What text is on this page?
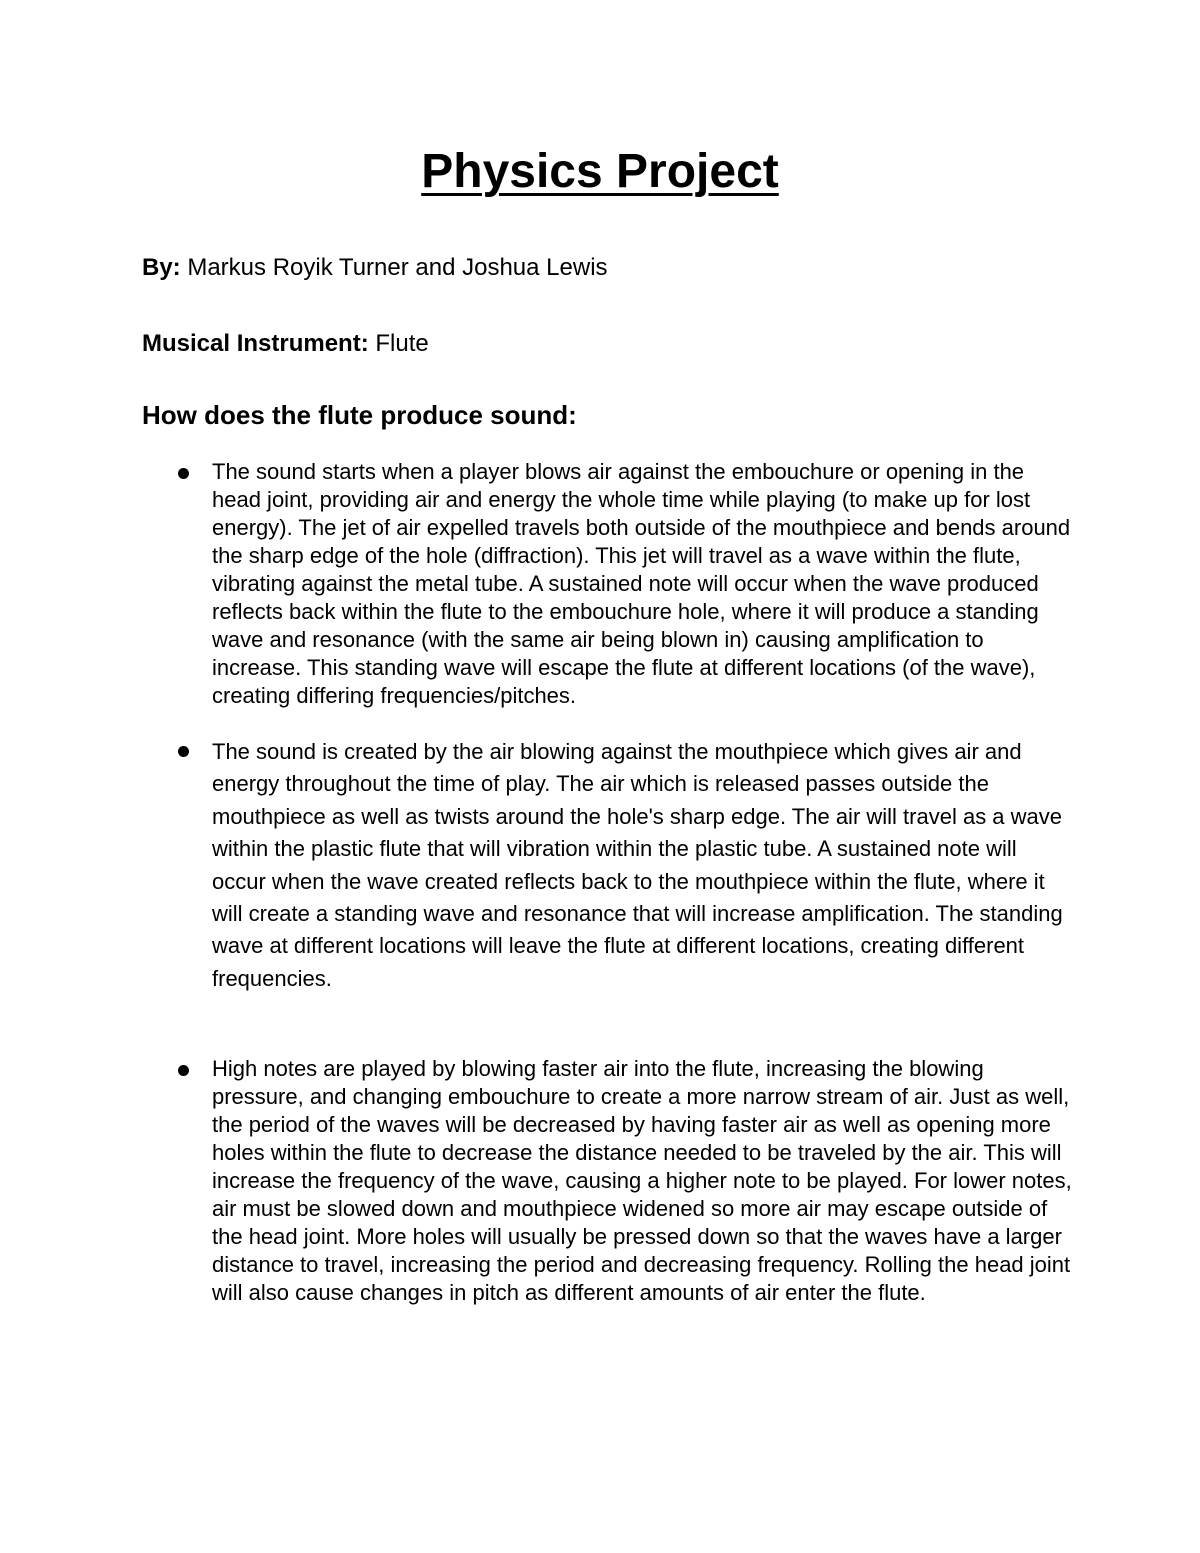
Physics Project

By: Markus Royik Turner and Joshua Lewis

Musical Instrument: Flute

How does the flute produce sound:

The sound starts when a player blows air against the embouchure or opening in the head joint, providing air and energy the whole time while playing (to make up for lost energy). The jet of air expelled travels both outside of the mouthpiece and bends around the sharp edge of the hole (diffraction). This jet will travel as a wave within the flute, vibrating against the metal tube. A sustained note will occur when the wave produced reflects back within the flute to the embouchure hole, where it will produce a standing wave and resonance (with the same air being blown in) causing amplification to increase. This standing wave will escape the flute at different locations (of the wave), creating differing frequencies/pitches.

The sound is created by the air blowing against the mouthpiece which gives air and energy throughout the time of play. The air which is released passes outside the mouthpiece as well as twists around the hole's sharp edge. The air will travel as a wave within the plastic flute that will vibration within the plastic tube. A sustained note will occur when the wave created reflects back to the mouthpiece within the flute, where it will create a standing wave and resonance that will increase amplification. The standing wave at different locations will leave the flute at different locations, creating different frequencies.

High notes are played by blowing faster air into the flute, increasing the blowing pressure, and changing embouchure to create a more narrow stream of air. Just as well, the period of the waves will be decreased by having faster air as well as opening more holes within the flute to decrease the distance needed to be traveled by the air. This will increase the frequency of the wave, causing a higher note to be played. For lower notes, air must be slowed down and mouthpiece widened so more air may escape outside of the head joint. More holes will usually be pressed down so that the waves have a larger distance to travel, increasing the period and decreasing frequency. Rolling the head joint will also cause changes in pitch as different amounts of air enter the flute.
